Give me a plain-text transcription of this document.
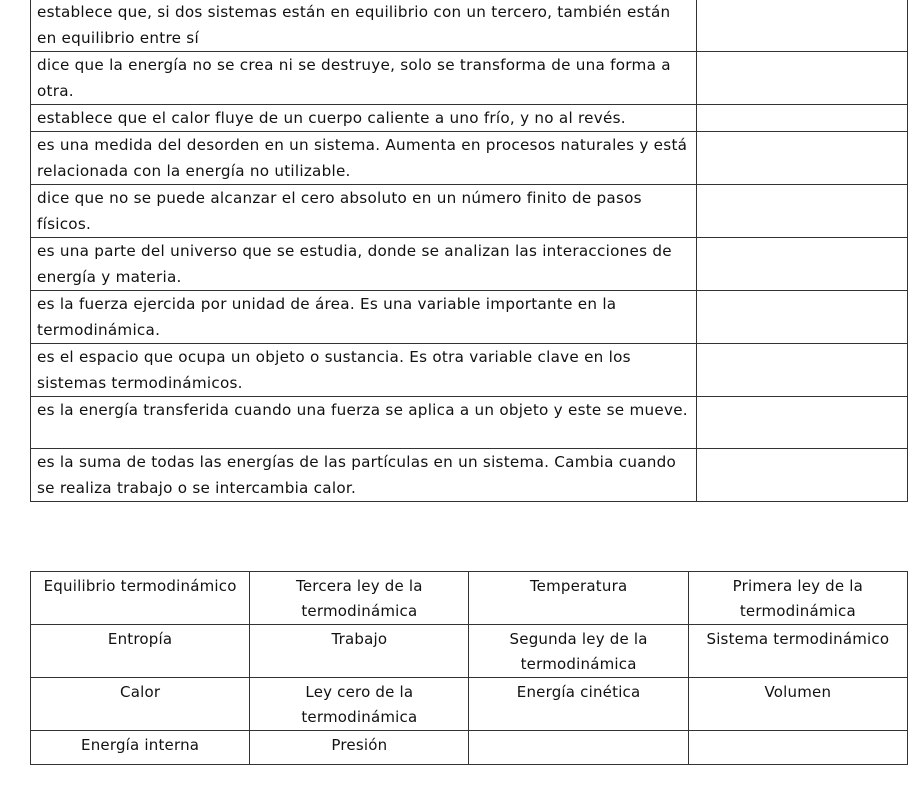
establece que, si dos sistemas están en equilibrio con un tercero, también están en equilibrio entre sí	
dice que la energía no se crea ni se destruye, solo se transforma de una forma a otra.	
establece que el calor fluye de un cuerpo caliente a uno frío, y no al revés.	
es una medida del desorden en un sistema. Aumenta en procesos naturales y está relacionada con la energía no utilizable.	
dice que no se puede alcanzar el cero absoluto en un número finito de pasos físicos.	
es una parte del universo que se estudia, donde se analizan las interacciones de energía y materia.	
es la fuerza ejercida por unidad de área. Es una variable importante en la termodinámica.	
es el espacio que ocupa un objeto o sustancia. Es otra variable clave en los sistemas termodinámicos.	
es la energía transferida cuando una fuerza se aplica a un objeto y este se mueve.	
es la suma de todas las energías de las partículas en un sistema. Cambia cuando se realiza trabajo o se intercambia calor.	
Equilibrio termodinámico	Tercera ley de la termodinámica	Temperatura	Primera ley de la termodinámica
Entropía	Trabajo	Segunda ley de la termodinámica	Sistema termodinámico
Calor	Ley cero de la termodinámica	Energía cinética	Volumen
Energía interna	Presión		
